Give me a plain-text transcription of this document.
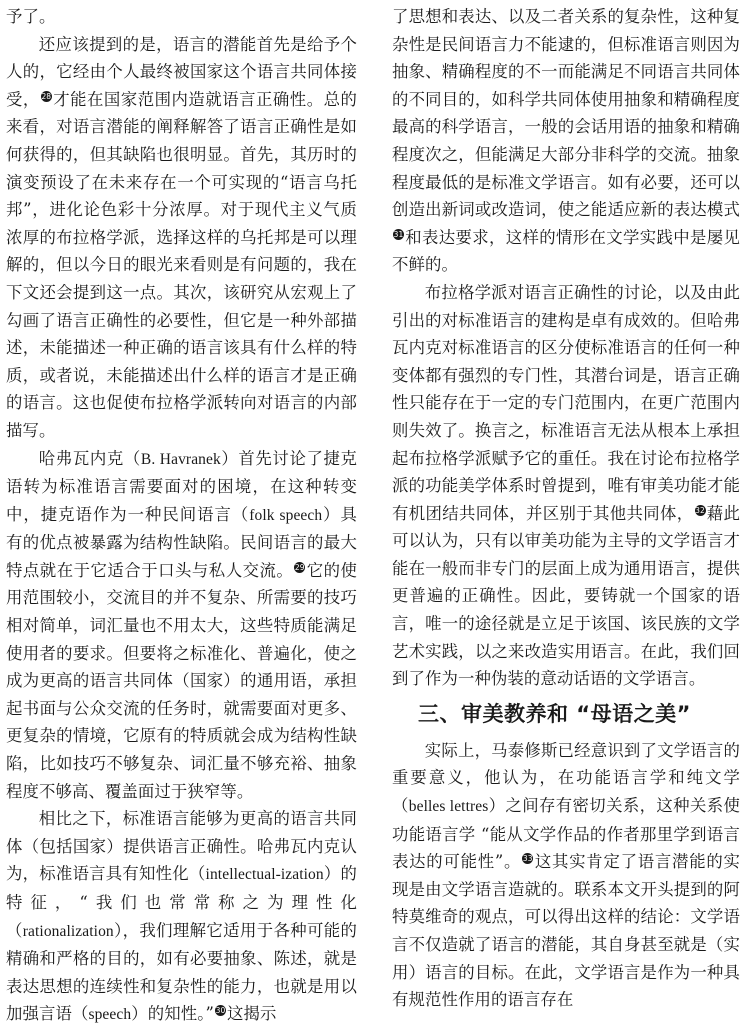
予了。

还应该提到的是，语言的潜能首先是给予个人的，它经由个人最终被国家这个语言共同体接受， 28才能在国家范围内造就语言正确性。总的来看，对语言潜能的阐释解答了语言正确性是如何获得的，但其缺陷也很明显。首先，其历时的演变预设了在未来存在一个可实现的“语言乌托邦”，进化论色彩十分浓厚。对于现代主义气质浓厚的布拉格学派，选择这样的乌托邦是可以理解的，但以今日的眼光来看则是有问题的，我在下文还会提到这一点。其次，该研究从宏观上了勾画了语言正确性的必要性，但它是一种外部描述，未能描述一种正确的语言该具有什么样的特质，或者说，未能描述出什么样的语言才是正确的语言。这也促使布拉格学派转向对语言的内部描写。

哈弗瓦内克（B. Havranek）首先讨论了捷克语转为标准语言需要面对的困境，在这种转变中，捷克语作为一种民间语言（folk speech）具有的优点被暴露为结构性缺陷。民间语言的最大特点就在于它适合于口头与私人交流。 29它的使用范围较小，交流目的并不复杂、所需要的技巧相对简单，词汇量也不用太大，这些特质能满足使用者的要求。但要将之标准化、普遍化，使之成为更高的语言共同体（国家）的通用语，承担起书面与公众交流的任务时，就需要面对更多、更复杂的情境，它原有的特质就会成为结构性缺陷，比如技巧不够复杂、词汇量不够充裕、抽象程度不够高、覆盖面过于狭窄等。

相比之下，标准语言能够为更高的语言共同体（包括国家）提供语言正确性。哈弗瓦内克认为，标准语言具有知性化（intellectual-ization）的特征，“我们也常常称之为理性化（rationalization），我们理解它适用于各种可能的精确和严格的目的，如有必要抽象、陈述，就是表达思想的连续性和复杂性的能力，也就是用以加强言语（speech）的知性。” 30这揭示

了思想和表达、以及二者关系的复杂性，这种复杂性是民间语言力不能逮的，但标准语言则因为抽象、精确程度的不一而能满足不同语言共同体的不同目的，如科学共同体使用抽象和精确程度最高的科学语言，一般的会话用语的抽象和精确程度次之，但能满足大部分非科学的交流。抽象程度最低的是标准文学语言。如有必要，还可以创造出新词或改造词，使之能适应新的表达模式31和表达要求，这样的情形在文学实践中是屡见不鲜的。

布拉格学派对语言正确性的讨论，以及由此引出的对标准语言的建构是卓有成效的。但哈弗瓦内克对标准语言的区分使标准语言的任何一种变体都有强烈的专门性，其潜台词是，语言正确性只能存在于一定的专门范围内，在更广范围内则失效了。换言之，标准语言无法从根本上承担起布拉格学派赋予它的重任。我在讨论布拉格学派的功能美学体系时曾提到，唯有审美功能才能有机团结共同体，并区别于其他共同体， 32藉此可以认为，只有以审美功能为主导的文学语言才能在一般而非专门的层面上成为通用语言，提供更普遍的正确性。因此，要铸就一个国家的语言，唯一的途径就是立足于该国、该民族的文学艺术实践，以之来改造实用语言。在此，我们回到了作为一种伪装的意动话语的文学语言。

三、审美教养和 “母语之美”

实际上，马泰修斯已经意识到了文学语言的重要意义，他认为，在功能语言学和纯文学（belles lettres）之间存有密切关系，这种关系使功能语言学 “能从文学作品的作者那里学到语言表达的可能性”。 33这其实肯定了语言潜能的实现是由文学语言造就的。联系本文开头提到的阿特莫维奇的观点，可以得出这样的结论：文学语言不仅造就了语言的潜能，其自身甚至就是（实用）语言的目标。在此，文学语言是作为一种具有规范性作用的语言存在
